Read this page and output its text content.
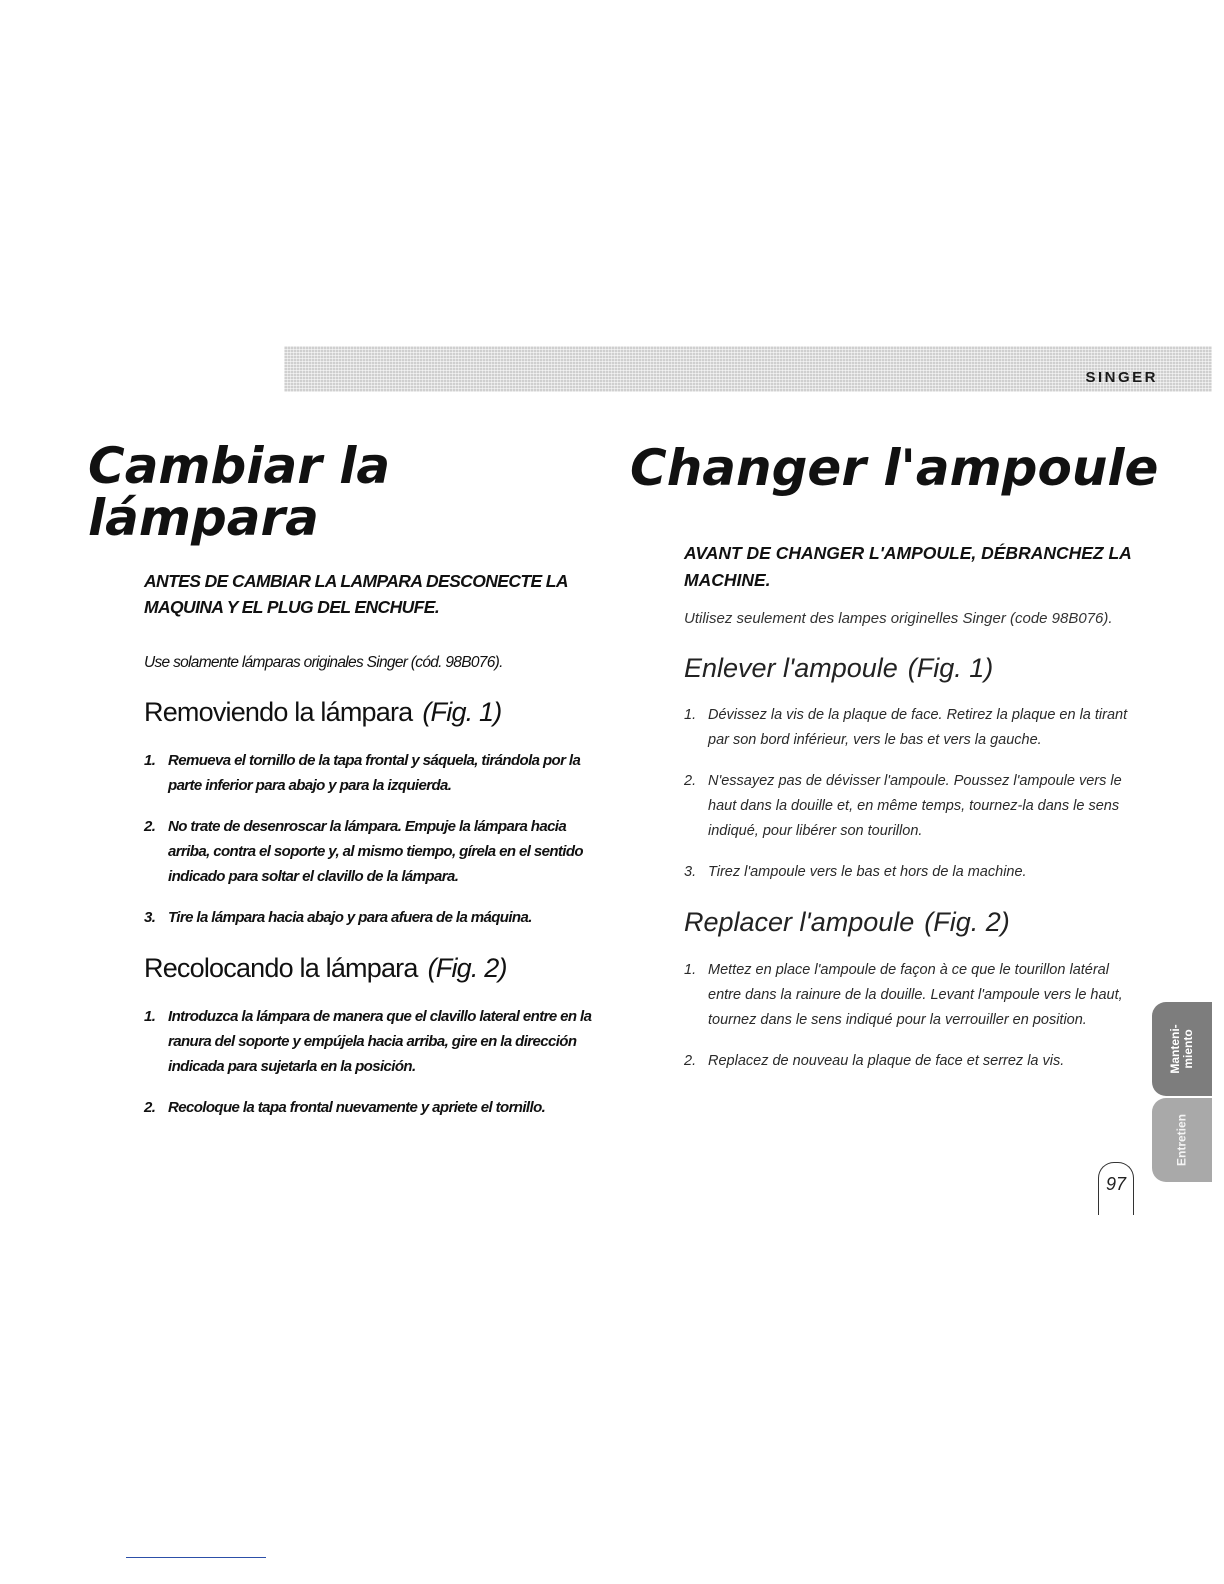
SINGER
Cambiar la lámpara

ANTES DE CAMBIAR LA LAMPARA DESCONECTE LA MAQUINA Y EL PLUG DEL ENCHUFE.

Use solamente lámparas originales Singer (cód. 98B076).

Removiendo la lámpara (Fig. 1)
1. Remueva el tornillo de la tapa frontal y sáquela, tirándola por la parte inferior para abajo y para la izquierda.
2. No trate de desenroscar la lámpara. Empuje la lámpara hacia arriba, contra el soporte y, al mismo tiempo, gírela en el sentido indicado para soltar el clavillo de la lámpara.
3. Tire la lámpara hacia abajo y para afuera de la máquina.
Recolocando la lámpara (Fig. 2)
1. Introduzca la lámpara de manera que el clavillo lateral entre en la ranura del soporte y empújela hacia arriba, gire en la dirección indicada para sujetarla en la posición.
2. Recoloque la tapa frontal nuevamente y apriete el tornillo.
Changer l'ampoule

AVANT DE CHANGER L'AMPOULE, DÉBRANCHEZ LA MACHINE.

Utilisez seulement des lampes originelles Singer (code 98B076).

Enlever l'ampoule (Fig. 1)
1. Dévissez la vis de la plaque de face. Retirez la plaque en la tirant par son bord inférieur, vers le bas et vers la gauche.
2. N'essayez pas de dévisser l'ampoule. Poussez l'ampoule vers le haut dans la douille et, en même temps, tournez-la dans le sens indiqué, pour libérer son tourillon.
3. Tirez l'ampoule vers le bas et hors de la machine.
Replacer l'ampoule (Fig. 2)
1. Mettez en place l'ampoule de façon à ce que le tourillon latéral entre dans la rainure de la douille. Levant l'ampoule vers le haut, tournez dans le sens indiqué pour la verrouiller en position.
2. Replacez de nouveau la plaque de face et serrez la vis.	Manteni-
miento
Entretien
97
